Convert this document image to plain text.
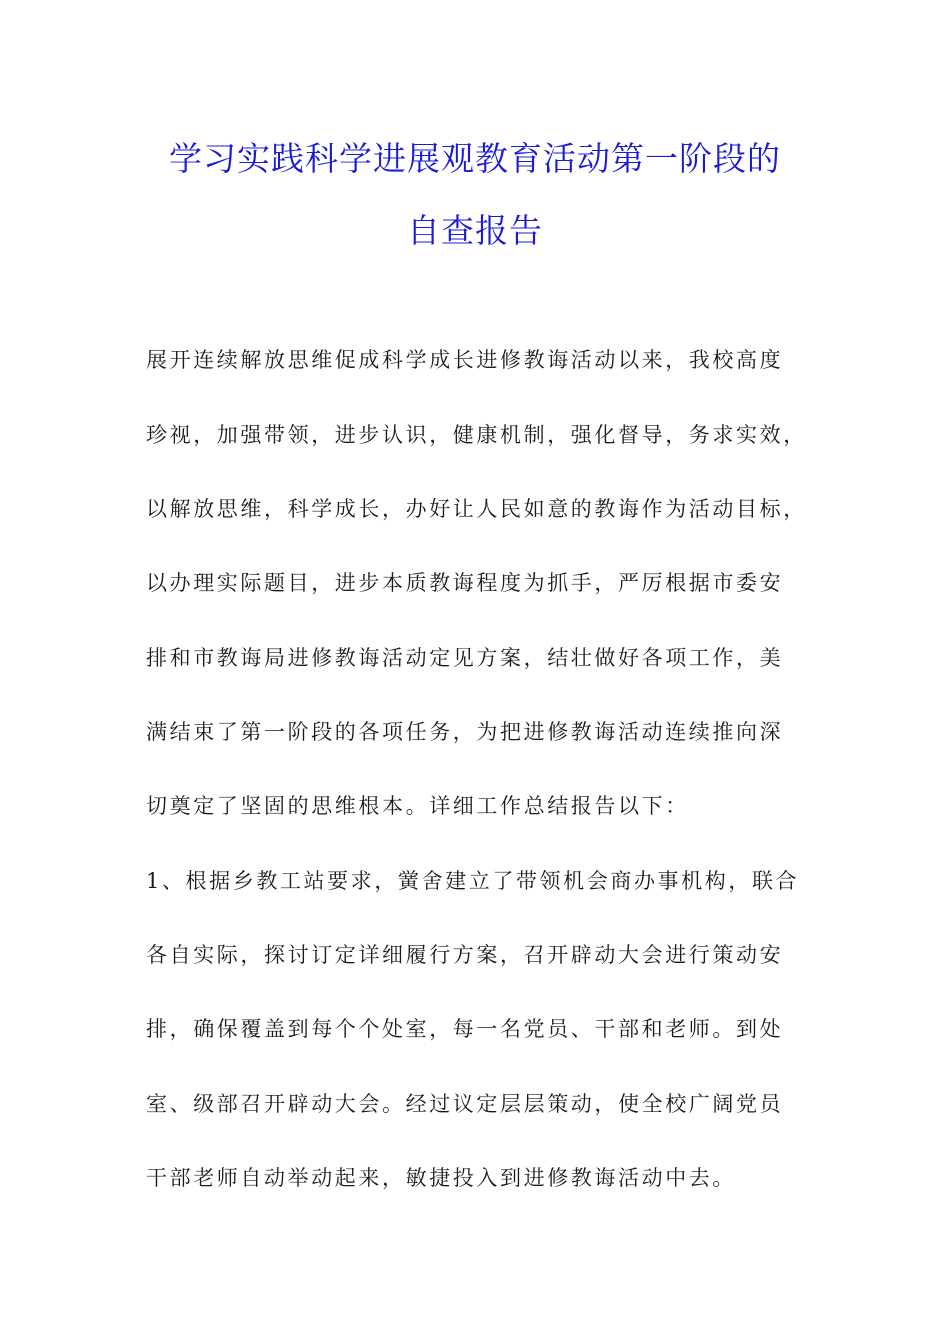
学习实践科学进展观教育活动第一阶段的
自查报告
展开连续解放思维促成科学成长进修教诲活动以来，我校高度
珍视，加强带领，进步认识，健康机制，强化督导，务求实效，
以解放思维，科学成长，办好让人民如意的教诲作为活动目标，
以办理实际题目，进步本质教诲程度为抓手，严厉根据市委安
排和市教诲局进修教诲活动定见方案，结壮做好各项工作，美
满结束了第一阶段的各项任务，为把进修教诲活动连续推向深
切奠定了坚固的思维根本。详细工作总结报告以下：
1、根据乡教工站要求，黉舍建立了带领机会商办事机构，联合
各自实际，探讨订定详细履行方案，召开辟动大会进行策动安
排，确保覆盖到每个个处室，每一名党员、干部和老师。到处
室、级部召开辟动大会。经过议定层层策动，使全校广阔党员
干部老师自动举动起来，敏捷投入到进修教诲活动中去。
